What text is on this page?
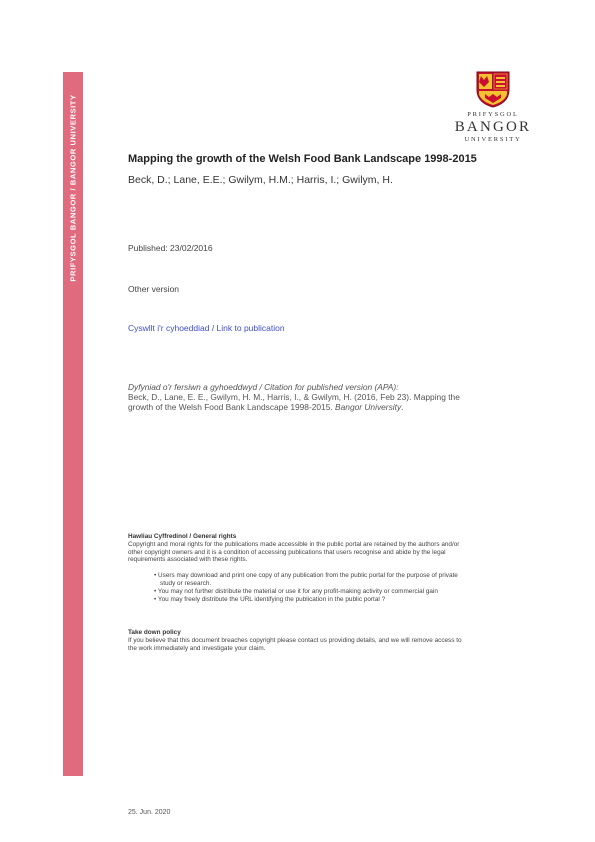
PRIFYSGOL BANGOR / BANGOR UNIVERSITY	PRIFYSGOL
BANGOR
UNIVERSITY
Mapping the growth of the Welsh Food Bank Landscape 1998-2015
Beck, D.; Lane, E.E.; Gwilym, H.M.; Harris, I.; Gwilym, H.
Published: 23/02/2016
Other version
Cyswllt i'r cyhoeddiad / Link to publication
Dyfyniad o'r fersiwn a gyhoeddwyd / Citation for published version (APA):
Beck, D., Lane, E. E., Gwilym, H. M., Harris, I., & Gwilym, H. (2016, Feb 23). Mapping the
growth of the Welsh Food Bank Landscape 1998-2015. Bangor University.
Hawliau Cyffredinol / General rights
Copyright and moral rights for the publications made accessible in the public portal are retained by the authors and/or
other copyright owners and it is a condition of accessing publications that users recognise and abide by the legal
requirements associated with these rights.
• Users may download and print one copy of any publication from the public portal for the purpose of private
study or research.
• You may not further distribute the material or use it for any profit-making activity or commercial gain
• You may freely distribute the URL identifying the publication in the public portal ?
Take down policy
If you believe that this document breaches copyright please contact us providing details, and we will remove access to
the work immediately and investigate your claim.
25. Jun. 2020
